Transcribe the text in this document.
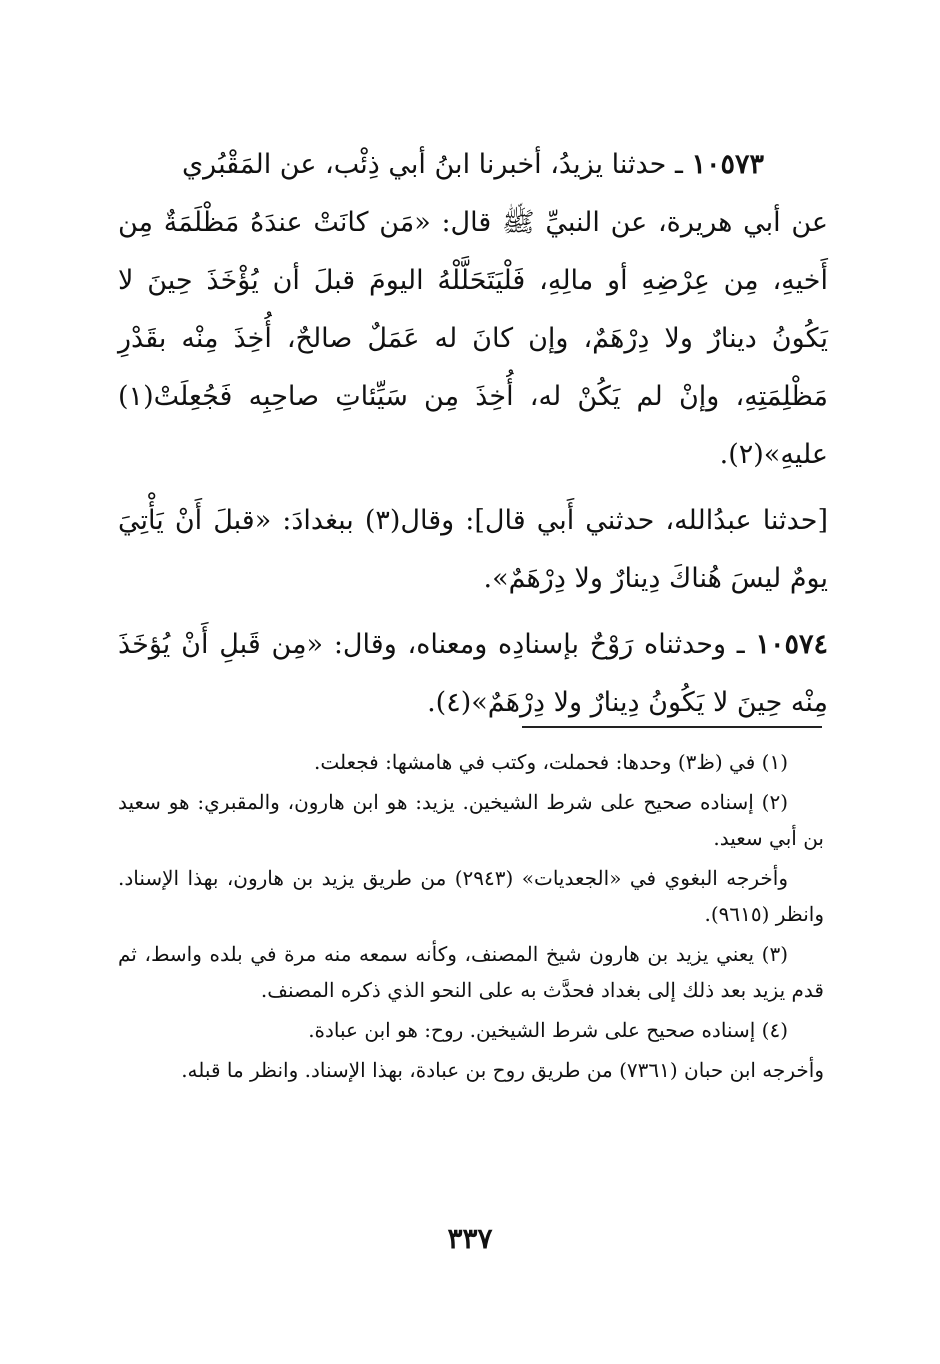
١٠٥٧٣ ـ حدثنا يزيدُ، أخبرنا ابنُ أبي ذِئْب، عن المَقْبُري

عن أبي هريرة، عن النبيِّ ﷺ قال: «مَن كانَتْ عندَهُ مَظْلَمَةٌ مِن أَخيهِ، مِن عِرْضِهِ أو مالِهِ، فَلْيَتَحَلَّلْهُ اليومَ قبلَ أن يُؤْخَذَ حِينَ لا يَكُونُ دينارٌ ولا دِرْهَمٌ، وإن كانَ له عَمَلٌ صالحٌ، أُخِذَ مِنْه بقَدْرِ مَظْلِمَتِهِ، وإنْ لم يَكُنْ له، أُخِذَ مِن سَيِّئاتِ صاحِبِه فَجُعِلَتْ(١) عليهِ»(٢).

[حدثنا عبدُالله، حدثني أَبي قال]: وقال(٣) ببغدادَ: «قبلَ أَنْ يَأْتِيَ يومٌ ليسَ هُناكَ دِينارٌ ولا دِرْهَمٌ».

١٠٥٧٤ ـ وحدثناه رَوْحٌ بإسنادِه ومعناه، وقال: «مِن قَبلِ أَنْ يُؤخَذَ مِنْه حِينَ لا يَكُونُ دِينارٌ ولا دِرْهَمٌ»(٤).

(١) في (ظ٣) وحدها: فحملت، وكتب في هامشها: فجعلت.

(٢) إسناده صحيح على شرط الشيخين. يزيد: هو ابن هارون، والمقبري: هو سعيد بن أبي سعيد.

وأخرجه البغوي في «الجعديات» (٢٩٤٣) من طريق يزيد بن هارون، بهذا الإسناد. وانظر (٩٦١٥).

(٣) يعني يزيد بن هارون شيخ المصنف، وكأنه سمعه منه مرة في بلده واسط، ثم قدم يزيد بعد ذلك إلى بغداد فحدَّث به على النحو الذي ذكره المصنف.

(٤) إسناده صحيح على شرط الشيخين. روح: هو ابن عبادة.

وأخرجه ابن حبان (٧٣٦١) من طريق روح بن عبادة، بهذا الإسناد. وانظر ما قبله.

٣٣٧
